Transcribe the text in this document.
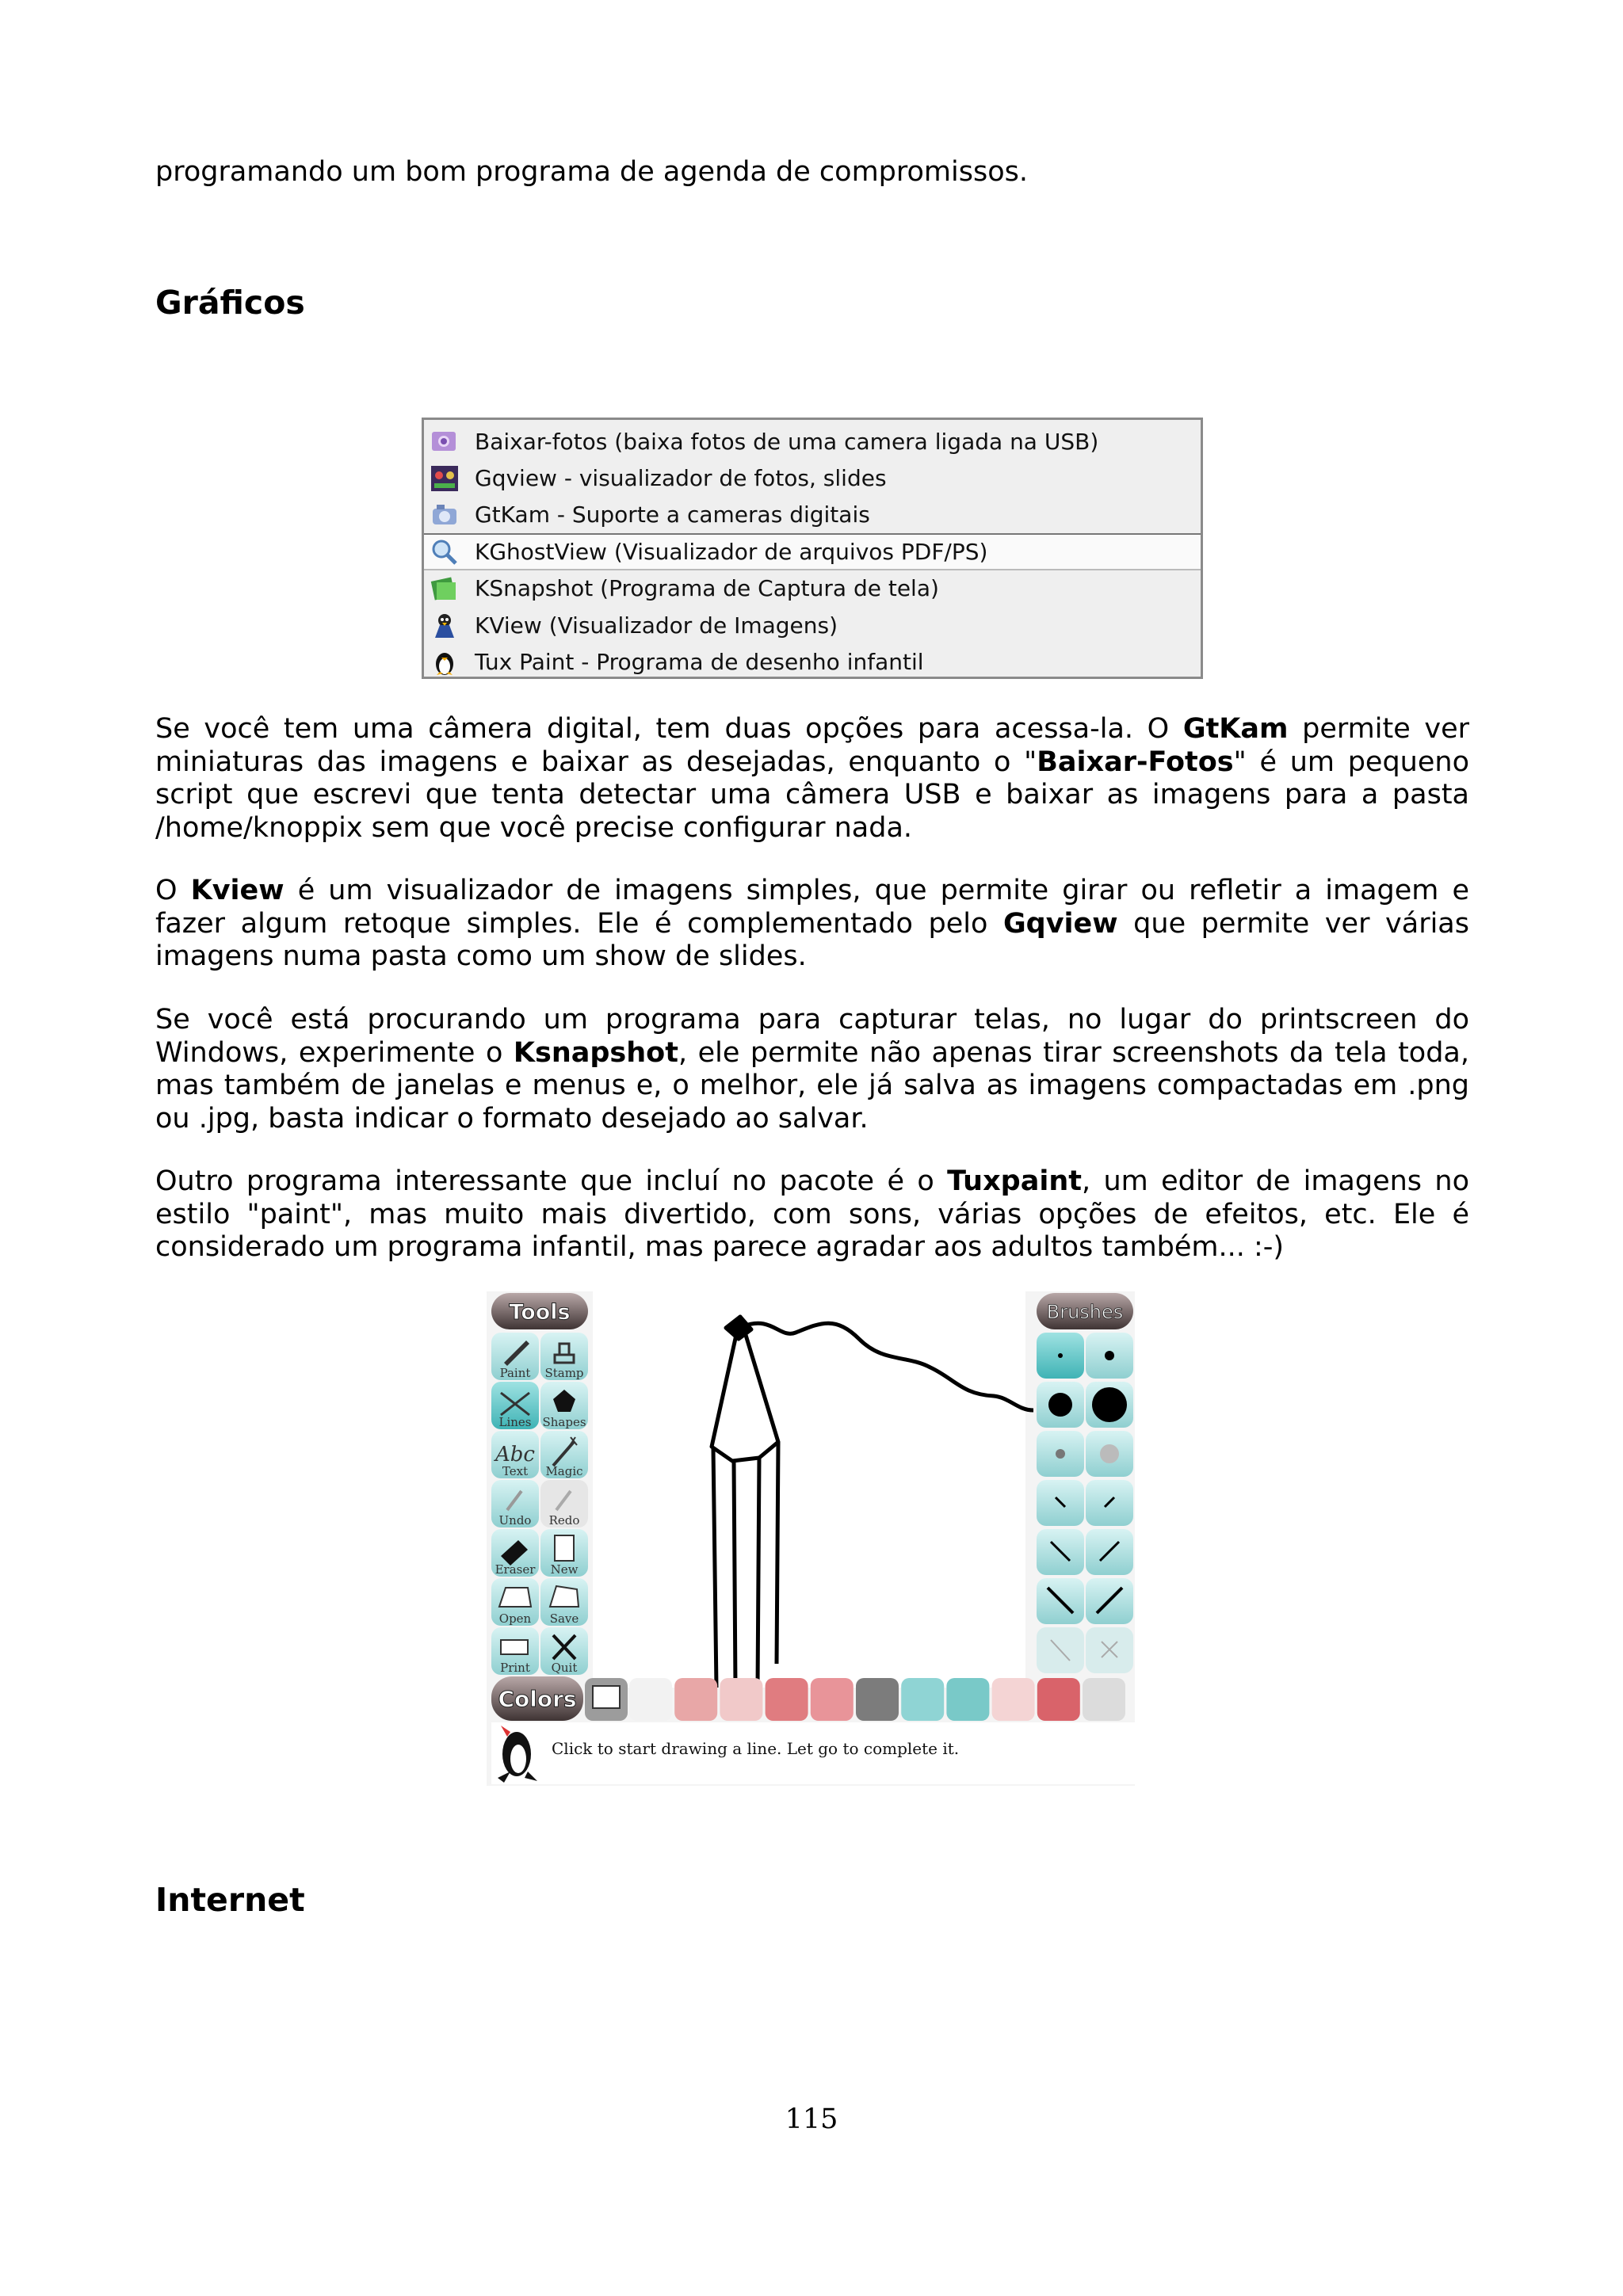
programando um bom programa de agenda de compromissos.

Gráficos
Baixar-fotos (baixa fotos de uma camera ligada na USB)
Gqview - visualizador de fotos, slides
GtKam - Suporte a cameras digitais
KGhostView (Visualizador de arquivos PDF/PS)
KSnapshot (Programa de Captura de tela)
KView (Visualizador de Imagens)
Tux Paint - Programa de desenho infantil

Se você tem uma câmera digital, tem duas opções para acessa-la. O GtKam permite ver miniaturas das imagens e baixar as desejadas, enquanto o "Baixar-Fotos" é um pequeno script que escrevi que tenta detectar uma câmera USB e baixar as imagens para a pasta /home/knoppix sem que você precise configurar nada.

O Kview é um visualizador de imagens simples, que permite girar ou refletir a imagem e fazer algum retoque simples. Ele é complementado pelo Gqview que permite ver várias imagens numa pasta como um show de slides.

Se você está procurando um programa para capturar telas, no lugar do printscreen do Windows, experimente o Ksnapshot, ele permite não apenas tirar screenshots da tela toda, mas também de janelas e menus e, o melhor, ele já salva as imagens compactadas em .png ou .jpg, basta indicar o formato desejado ao salvar.

Outro programa interessante que incluí no pacote é o Tuxpaint, um editor de imagens no estilo "paint", mas muito mais divertido, com sons, várias opções de efeitos, etc. Ele é considerado um programa infantil, mas parece agradar aos adultos também... :-)

Tools	Brushes
Paint Stamp
Lines Shapes
Abc
Text Magic
Undo Redo
Eraser New
Open Save
Print Quit
Colors
Click to start drawing a line. Let go to complete it.
Internet
115
